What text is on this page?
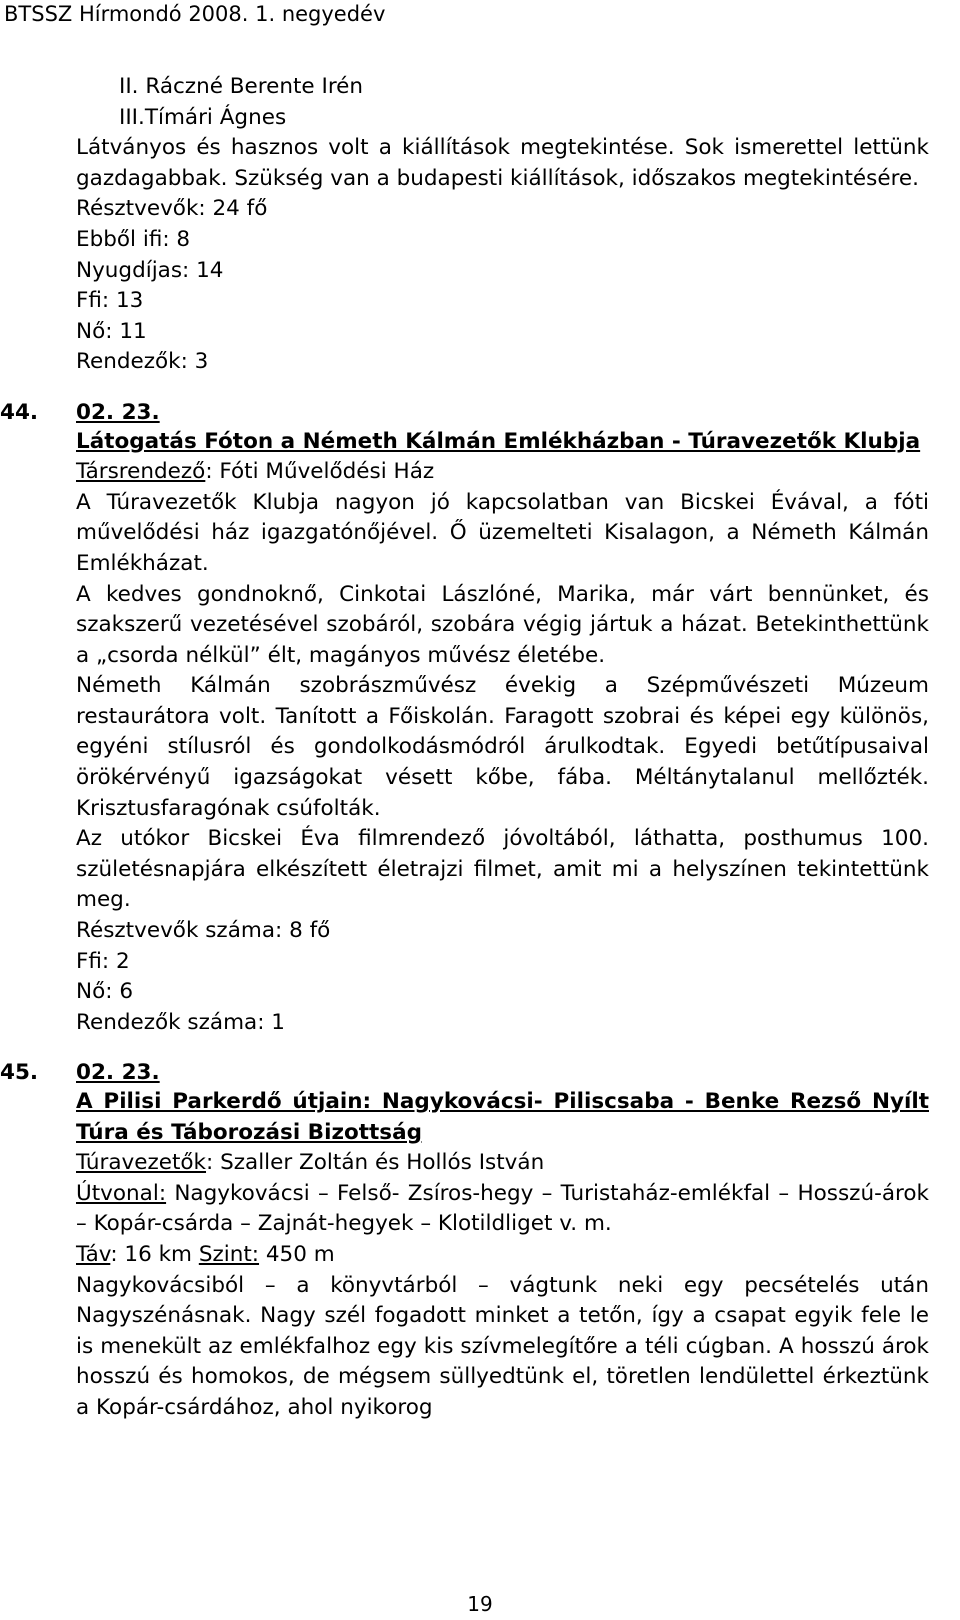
BTSSZ Hírmondó 2008. 1. negyedév

II. Ráczné Berente Irén

III.Tímári Ágnes

Látványos és hasznos volt a kiállítások megtekintése. Sok ismerettel lettünk gazdagabbak. Szükség van a budapesti kiállítások, időszakos megtekintésére.

Résztvevők: 24 fő

Ebből ifi: 8

Nyugdíjas: 14

Ffi: 13

Nő: 11

Rendezők: 3

44. 02. 23.

Látogatás Fóton a Németh Kálmán Emlékházban - Túravezetők Klubja

Társrendező: Fóti Művelődési Ház

A Túravezetők Klubja nagyon jó kapcsolatban van Bicskei Évával, a fóti művelődési ház igazgatónőjével. Ő üzemelteti Kisalagon, a Németh Kálmán Emlékházat.

A kedves gondnoknő, Cinkotai Lászlóné, Marika, már várt bennünket, és szakszerű vezetésével szobáról, szobára végig jártuk a házat. Betekinthettünk a „csorda nélkül” élt, magányos művész életébe.

Németh Kálmán szobrászművész évekig a Szépművészeti Múzeum restaurátora volt. Tanított a Főiskolán. Faragott szobrai és képei egy különös, egyéni stílusról és gondolkodásmódról árulkodtak. Egyedi betűtípusaival örökérvényű igazságokat vésett kőbe, fába. Méltánytalanul mellőzték. Krisztusfaragónak csúfolták.

Az utókor Bicskei Éva filmrendező jóvoltából, láthatta, posthumus 100. születésnapjára elkészített életrajzi filmet, amit mi a helyszínen tekintettünk meg.

Résztvevők száma: 8 fő

Ffi: 2

Nő: 6

Rendezők száma: 1

45. 02. 23.

A Pilisi Parkerdő útjain: Nagykovácsi- Piliscsaba - Benke Rezső Nyílt Túra és Táborozási Bizottság

Túravezetők: Szaller Zoltán és Hollós István

Útvonal: Nagykovácsi – Felső- Zsíros-hegy – Turistaház-emlékfal – Hosszú-árok – Kopár-csárda – Zajnát-hegyek – Klotildliget v. m.

Táv: 16 km Szint: 450 m

Nagykovácsiból – a könyvtárból – vágtunk neki egy pecsételés után Nagyszénásnak. Nagy szél fogadott minket a tetőn, így a csapat egyik fele le is menekült az emlékfalhoz egy kis szívmelegítőre a téli cúgban. A hosszú árok hosszú és homokos, de mégsem süllyedtünk el, töretlen lendülettel érkeztünk a Kopár-csárdához, ahol nyikorog

19
